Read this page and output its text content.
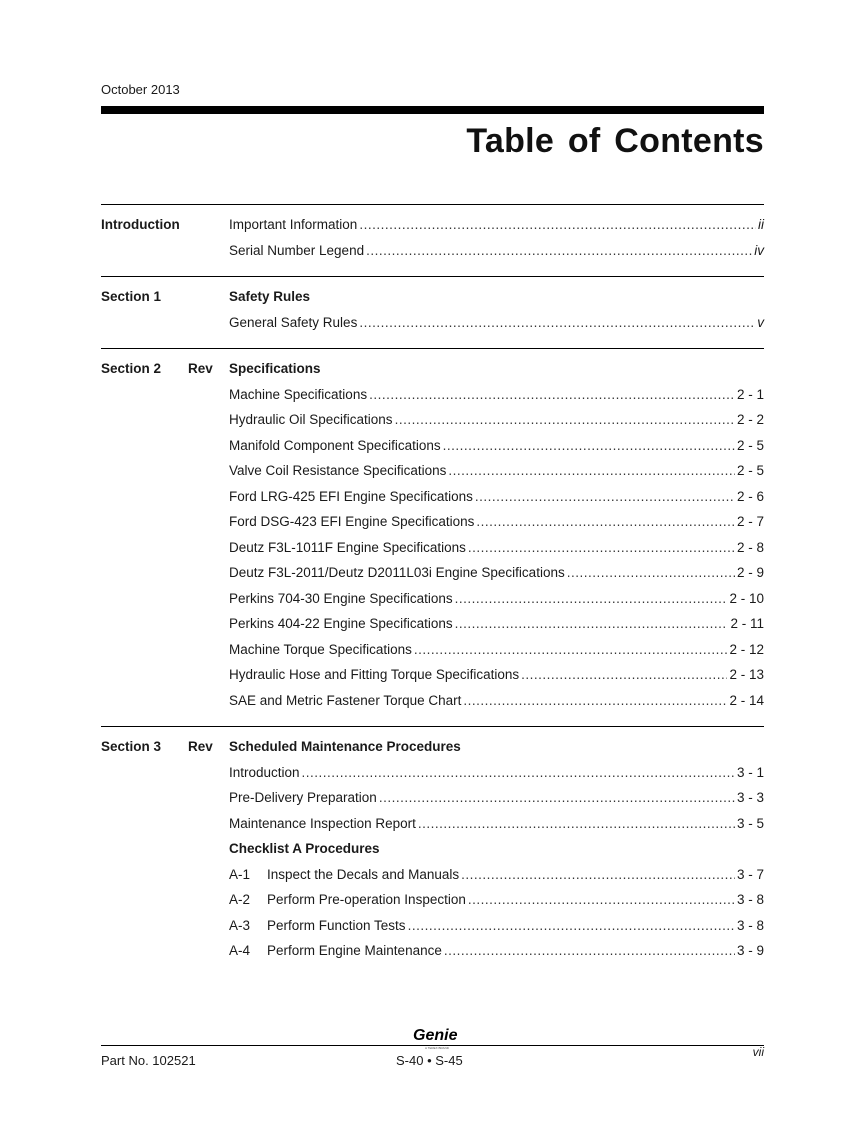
October 2013
Table of Contents
Introduction	Important Information .....	ii
Serial Number Legend .....	iv
Section 1	Safety Rules
General Safety Rules .....	v
Section 2 Rev Specifications
Machine Specifications .....	2 - 1
Hydraulic Oil Specifications .....	2 - 2
Manifold Component Specifications .....	2 - 5
Valve Coil Resistance Specifications .....	2 - 5
Ford LRG-425 EFI Engine Specifications .....	2 - 6
Ford DSG-423 EFI Engine Specifications .....	2 - 7
Deutz F3L-1011F Engine Specifications .....	2 - 8
Deutz F3L-2011/Deutz D2011L03i Engine Specifications .....	2 - 9
Perkins 704-30 Engine Specifications .....	2 - 10
Perkins 404-22 Engine Specifications .....	2 - 11
Machine Torque Specifications .....	2 - 12
Hydraulic Hose and Fitting Torque Specifications .....	2 - 13
SAE and Metric Fastener Torque Chart .....	2 - 14
Section 3 Rev Scheduled Maintenance Procedures
Introduction .....	3 - 1
Pre-Delivery Preparation .....	3 - 3
Maintenance Inspection Report .....	3 - 5
Checklist A Procedures
A-1	Inspect the Decals and Manuals .....	3 - 7
A-2	Perform Pre-operation Inspection .....	3 - 8
A-3	Perform Function Tests .....	3 - 8
A-4	Perform Engine Maintenance .....	3 - 9
Genie
A TEREX BRAND
Part No. 102521	S-40 • S-45
vii
